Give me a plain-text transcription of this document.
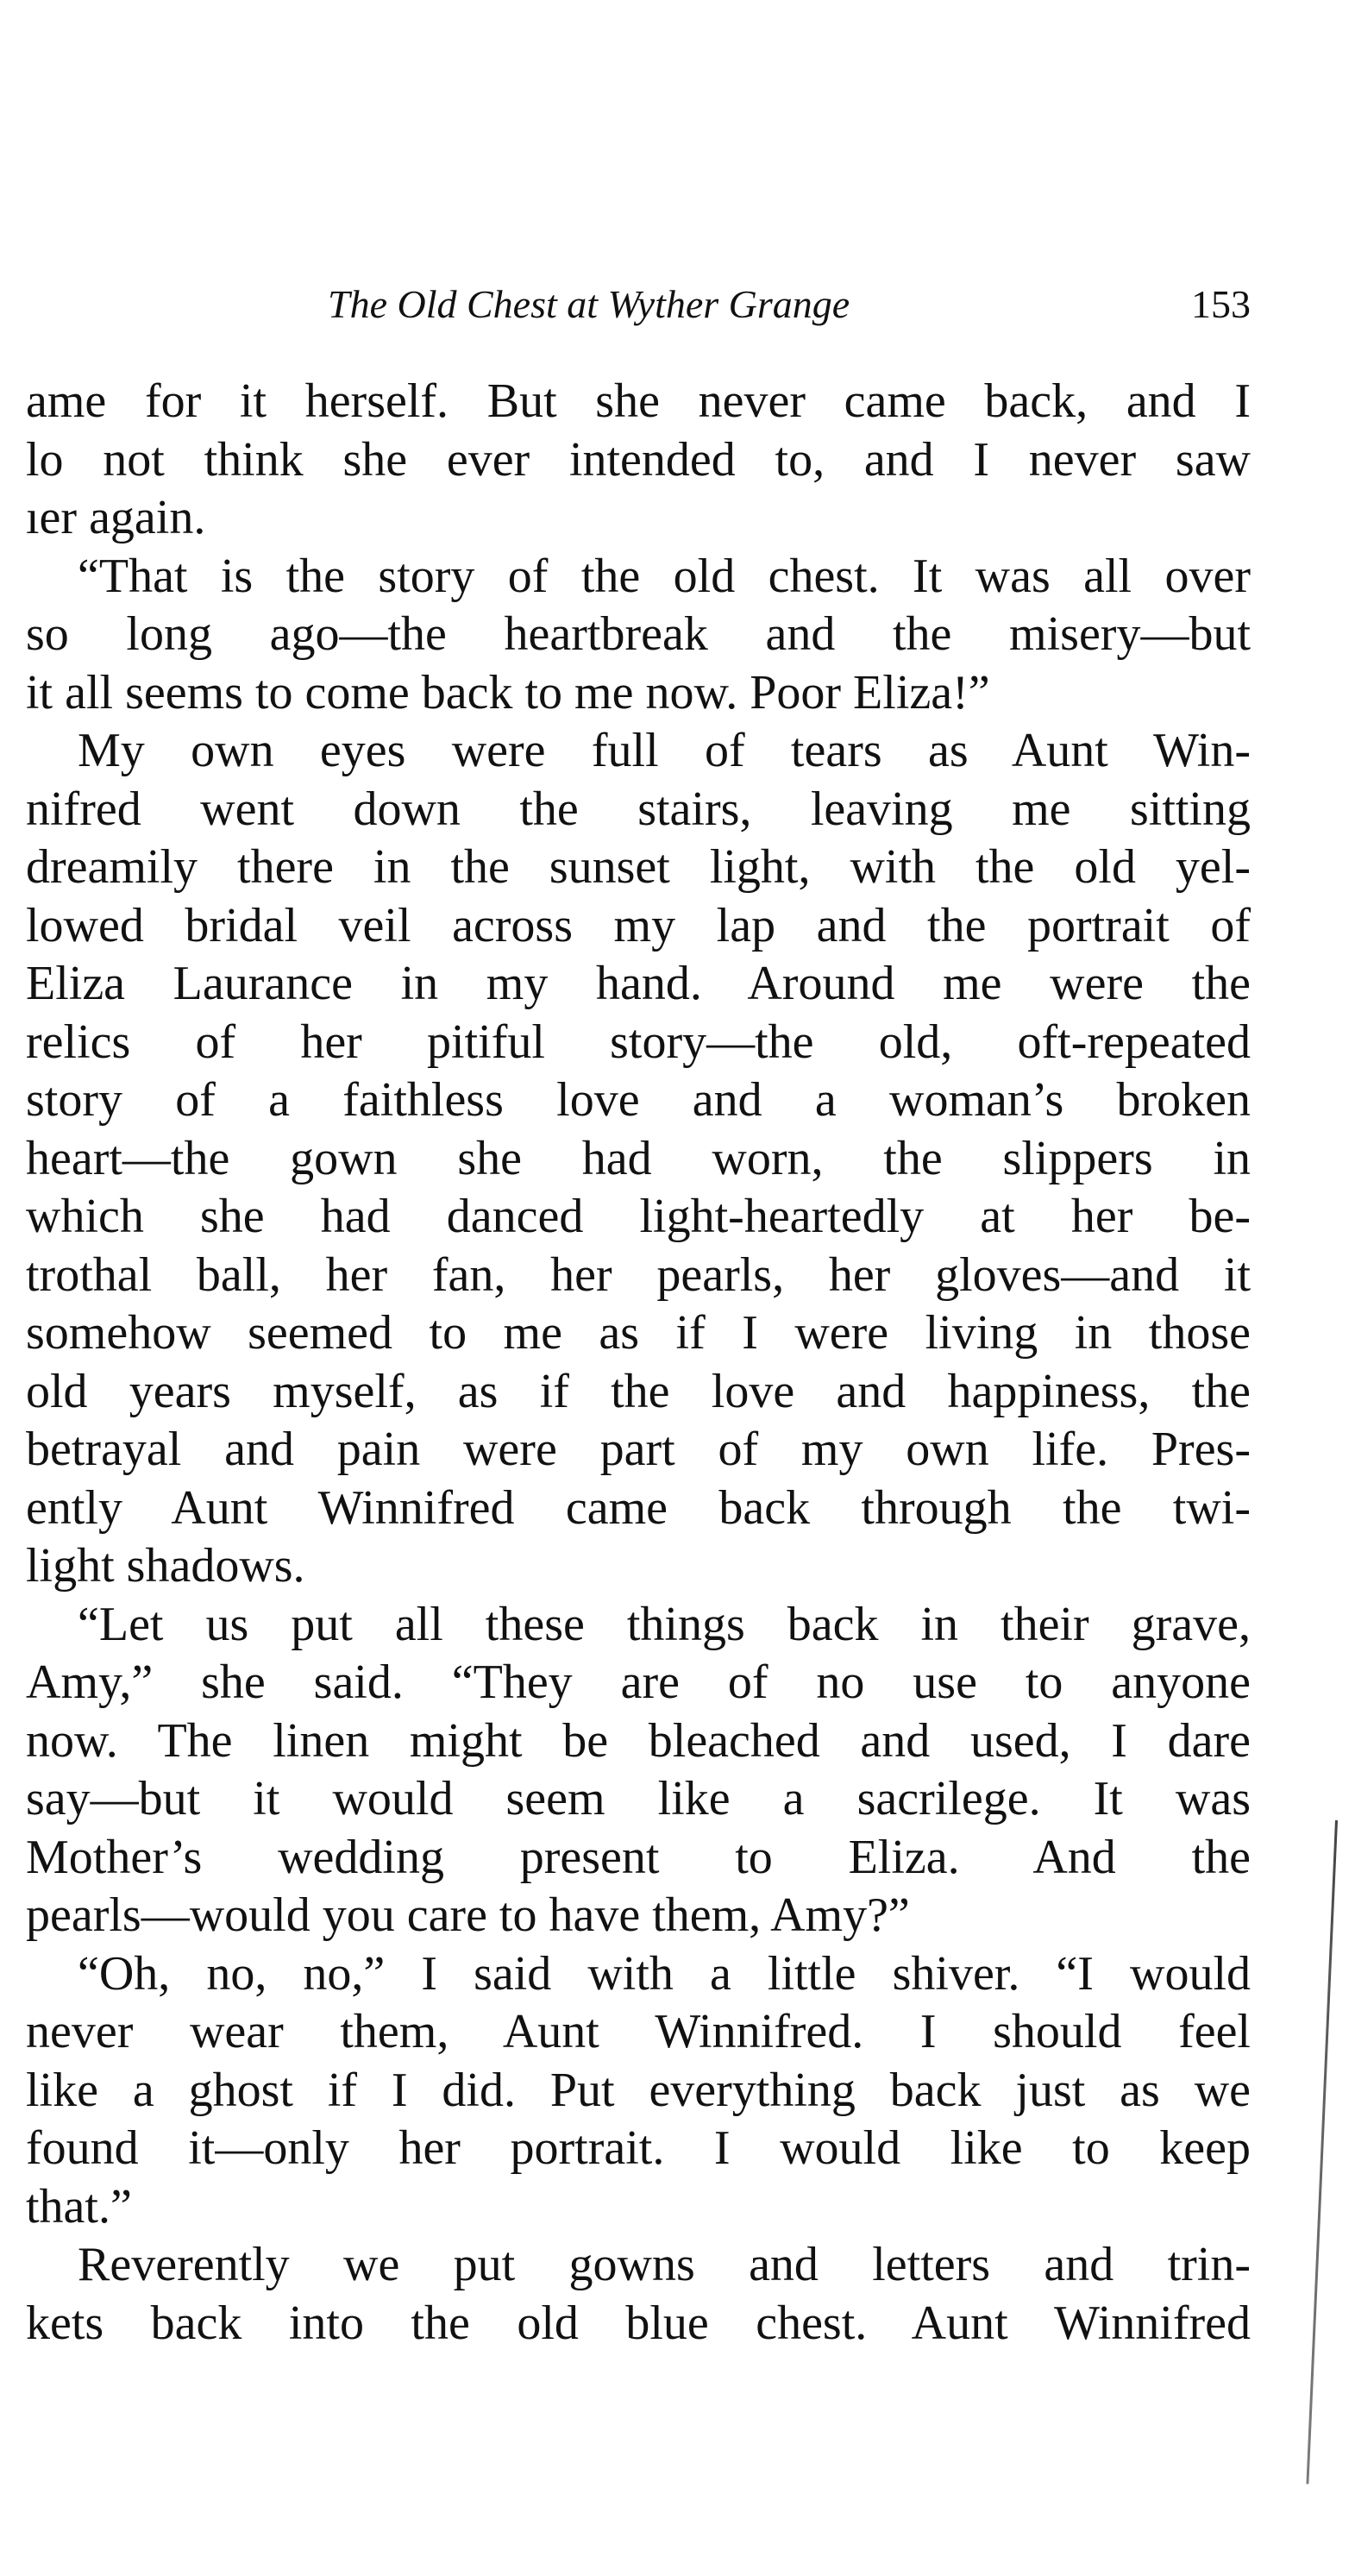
The Old Chest at Wyther Grange	153
ame for it herself. But she never came back, and I
lo not think she ever intended to, and I never saw
ıer again.
“That is the story of the old chest. It was all over
so long ago—the heartbreak and the misery—but
it all seems to come back to me now. Poor Eliza!”
My own eyes were full of tears as Aunt Win-
nifred went down the stairs, leaving me sitting
dreamily there in the sunset light, with the old yel-
lowed bridal veil across my lap and the portrait of
Eliza Laurance in my hand. Around me were the
relics of her pitiful story—the old, oft-repeated
story of a faithless love and a woman’s broken
heart—the gown she had worn, the slippers in
which she had danced light-heartedly at her be-
trothal ball, her fan, her pearls, her gloves—and it
somehow seemed to me as if I were living in those
old years myself, as if the love and happiness, the
betrayal and pain were part of my own life. Pres-
ently Aunt Winnifred came back through the twi-
light shadows.
“Let us put all these things back in their grave,
Amy,” she said. “They are of no use to anyone
now. The linen might be bleached and used, I dare
say—but it would seem like a sacrilege. It was
Mother’s wedding present to Eliza. And the
pearls—would you care to have them, Amy?”
“Oh, no, no,” I said with a little shiver. “I would
never wear them, Aunt Winnifred. I should feel
like a ghost if I did. Put everything back just as we
found it—only her portrait. I would like to keep
that.”
Reverently we put gowns and letters and trin-
kets back into the old blue chest. Aunt Winnifred
